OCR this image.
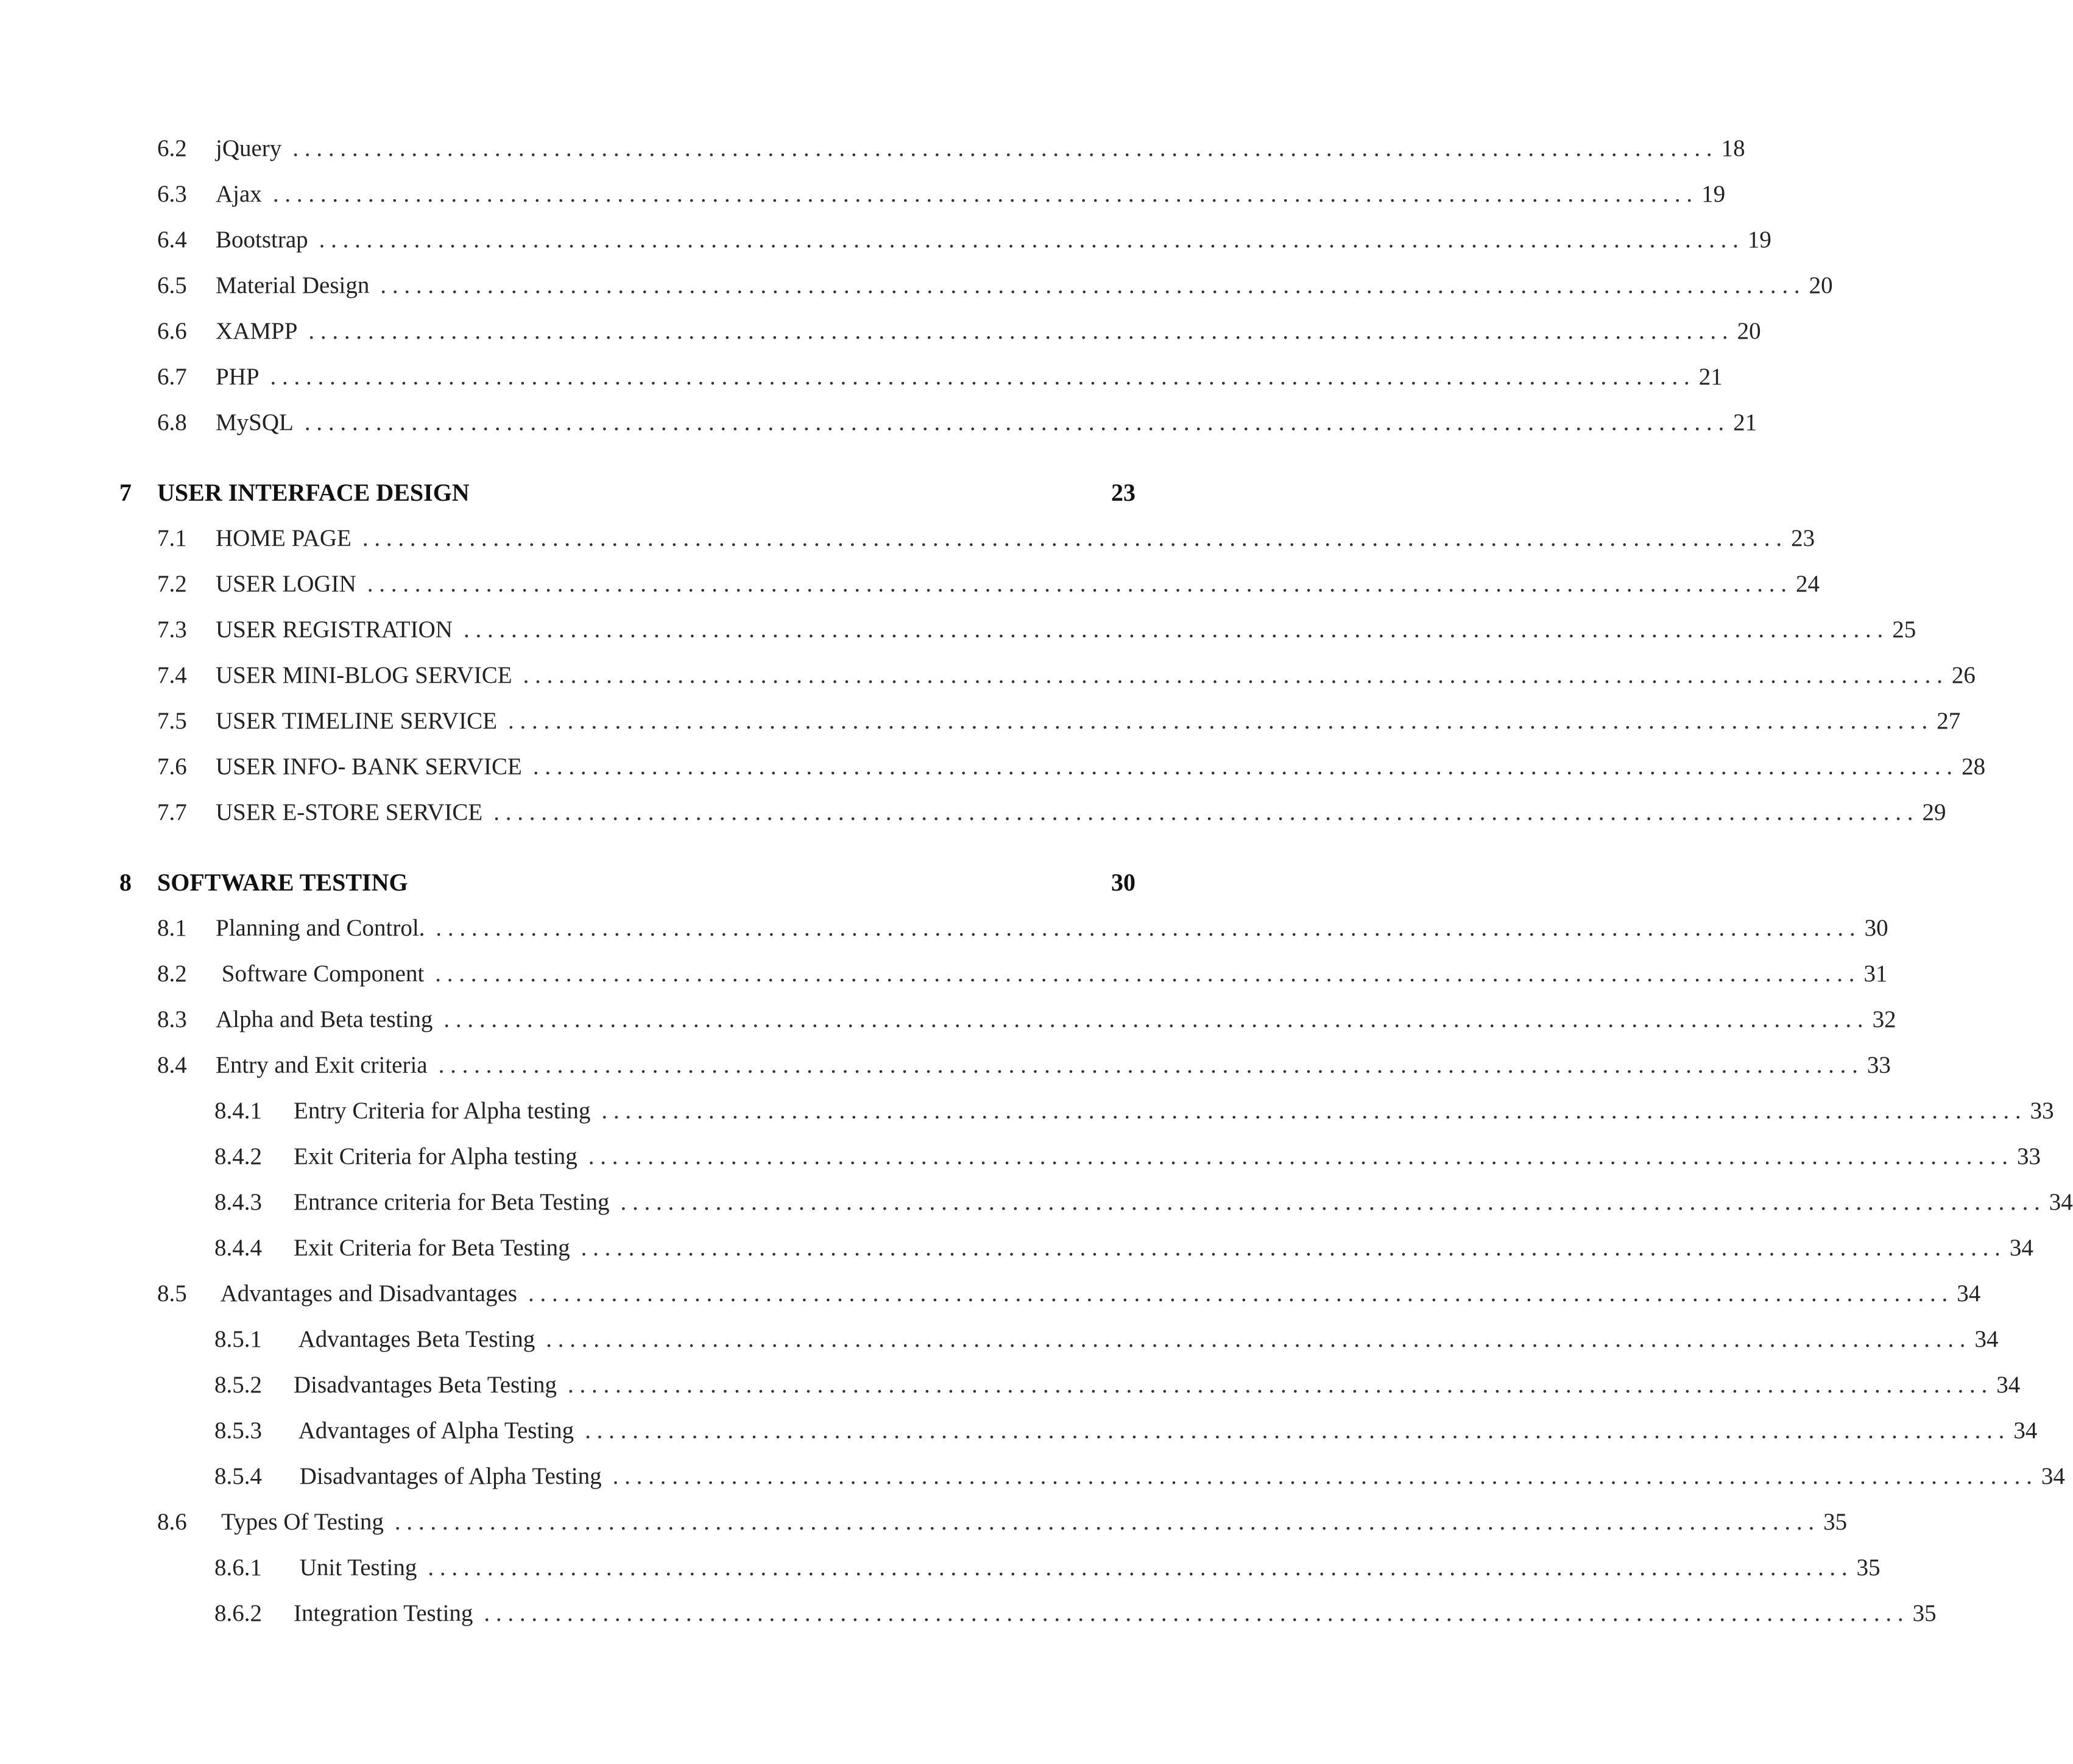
6.2	jQuery . . . . . . . . . . . . . . . . . . . . . . . . . . . . . . . . . . . . . . . . . . . . . . . . . . . . . . . . . . . . . . . . . . . . . . . . . . . . . . . . . . . . . . . . . . . . . . . . . . . . . . . . . . . . . . . . . . . . . . . . 18
6.3	Ajax . . . . . . . . . . . . . . . . . . . . . . . . . . . . . . . . . . . . . . . . . . . . . . . . . . . . . . . . . . . . . . . . . . . . . . . . . . . . . . . . . . . . . . . . . . . . . . . . . . . . . . . . . . . . . . . . . . . . . . . . 19
6.4	Bootstrap . . . . . . . . . . . . . . . . . . . . . . . . . . . . . . . . . . . . . . . . . . . . . . . . . . . . . . . . . . . . . . . . . . . . . . . . . . . . . . . . . . . . . . . . . . . . . . . . . . . . . . . . . . . . . . . . . . . . . . . . 19
6.5	Material Design . . . . . . . . . . . . . . . . . . . . . . . . . . . . . . . . . . . . . . . . . . . . . . . . . . . . . . . . . . . . . . . . . . . . . . . . . . . . . . . . . . . . . . . . . . . . . . . . . . . . . . . . . . . . . . . . . . . . . . . . 20
6.6	XAMPP . . . . . . . . . . . . . . . . . . . . . . . . . . . . . . . . . . . . . . . . . . . . . . . . . . . . . . . . . . . . . . . . . . . . . . . . . . . . . . . . . . . . . . . . . . . . . . . . . . . . . . . . . . . . . . . . . . . . . . . . 20
6.7	PHP . . . . . . . . . . . . . . . . . . . . . . . . . . . . . . . . . . . . . . . . . . . . . . . . . . . . . . . . . . . . . . . . . . . . . . . . . . . . . . . . . . . . . . . . . . . . . . . . . . . . . . . . . . . . . . . . . . . . . . . . 21
6.8	MySQL . . . . . . . . . . . . . . . . . . . . . . . . . . . . . . . . . . . . . . . . . . . . . . . . . . . . . . . . . . . . . . . . . . . . . . . . . . . . . . . . . . . . . . . . . . . . . . . . . . . . . . . . . . . . . . . . . . . . . . . . 21
7	USER INTERFACE DESIGN	23
7.1	HOME PAGE . . . . . . . . . . . . . . . . . . . . . . . . . . . . . . . . . . . . . . . . . . . . . . . . . . . . . . . . . . . . . . . . . . . . . . . . . . . . . . . . . . . . . . . . . . . . . . . . . . . . . . . . . . . . . . . . . . . . . . . . 23
7.2	USER LOGIN . . . . . . . . . . . . . . . . . . . . . . . . . . . . . . . . . . . . . . . . . . . . . . . . . . . . . . . . . . . . . . . . . . . . . . . . . . . . . . . . . . . . . . . . . . . . . . . . . . . . . . . . . . . . . . . . . . . . . . . . 24
7.3	USER REGISTRATION . . . . . . . . . . . . . . . . . . . . . . . . . . . . . . . . . . . . . . . . . . . . . . . . . . . . . . . . . . . . . . . . . . . . . . . . . . . . . . . . . . . . . . . . . . . . . . . . . . . . . . . . . . . . . . . . . . . . . . . . 25
7.4	USER MINI-BLOG SERVICE . . . . . . . . . . . . . . . . . . . . . . . . . . . . . . . . . . . . . . . . . . . . . . . . . . . . . . . . . . . . . . . . . . . . . . . . . . . . . . . . . . . . . . . . . . . . . . . . . . . . . . . . . . . . . . . . . . . . . . . . 26
7.5	USER TIMELINE SERVICE . . . . . . . . . . . . . . . . . . . . . . . . . . . . . . . . . . . . . . . . . . . . . . . . . . . . . . . . . . . . . . . . . . . . . . . . . . . . . . . . . . . . . . . . . . . . . . . . . . . . . . . . . . . . . . . . . . . . . . . . 27
7.6	USER INFO- BANK SERVICE . . . . . . . . . . . . . . . . . . . . . . . . . . . . . . . . . . . . . . . . . . . . . . . . . . . . . . . . . . . . . . . . . . . . . . . . . . . . . . . . . . . . . . . . . . . . . . . . . . . . . . . . . . . . . . . . . . . . . . . . 28
7.7	USER E-STORE SERVICE . . . . . . . . . . . . . . . . . . . . . . . . . . . . . . . . . . . . . . . . . . . . . . . . . . . . . . . . . . . . . . . . . . . . . . . . . . . . . . . . . . . . . . . . . . . . . . . . . . . . . . . . . . . . . . . . . . . . . . . . 29
8	SOFTWARE TESTING	30
8.1	Planning and Control. . . . . . . . . . . . . . . . . . . . . . . . . . . . . . . . . . . . . . . . . . . . . . . . . . . . . . . . . . . . . . . . . . . . . . . . . . . . . . . . . . . . . . . . . . . . . . . . . . . . . . . . . . . . . . . . . . . . . . . . . 30
8.2	Software Component . . . . . . . . . . . . . . . . . . . . . . . . . . . . . . . . . . . . . . . . . . . . . . . . . . . . . . . . . . . . . . . . . . . . . . . . . . . . . . . . . . . . . . . . . . . . . . . . . . . . . . . . . . . . . . . . . . . . . . . . 31
8.3	Alpha and Beta testing . . . . . . . . . . . . . . . . . . . . . . . . . . . . . . . . . . . . . . . . . . . . . . . . . . . . . . . . . . . . . . . . . . . . . . . . . . . . . . . . . . . . . . . . . . . . . . . . . . . . . . . . . . . . . . . . . . . . . . . . 32
8.4	Entry and Exit criteria . . . . . . . . . . . . . . . . . . . . . . . . . . . . . . . . . . . . . . . . . . . . . . . . . . . . . . . . . . . . . . . . . . . . . . . . . . . . . . . . . . . . . . . . . . . . . . . . . . . . . . . . . . . . . . . . . . . . . . . . 33
8.4.1	Entry Criteria for Alpha testing . . . . . . . . . . . . . . . . . . . . . . . . . . . . . . . . . . . . . . . . . . . . . . . . . . . . . . . . . . . . . . . . . . . . . . . . . . . . . . . . . . . . . . . . . . . . . . . . . . . . . . . . . . . . . . . . . . . . . . . . 33
8.4.2	Exit Criteria for Alpha testing . . . . . . . . . . . . . . . . . . . . . . . . . . . . . . . . . . . . . . . . . . . . . . . . . . . . . . . . . . . . . . . . . . . . . . . . . . . . . . . . . . . . . . . . . . . . . . . . . . . . . . . . . . . . . . . . . . . . . . . . 33
8.4.3	Entrance criteria for Beta Testing . . . . . . . . . . . . . . . . . . . . . . . . . . . . . . . . . . . . . . . . . . . . . . . . . . . . . . . . . . . . . . . . . . . . . . . . . . . . . . . . . . . . . . . . . . . . . . . . . . . . . . . . . . . . . . . . . . . . . . . . 34
8.4.4	Exit Criteria for Beta Testing . . . . . . . . . . . . . . . . . . . . . . . . . . . . . . . . . . . . . . . . . . . . . . . . . . . . . . . . . . . . . . . . . . . . . . . . . . . . . . . . . . . . . . . . . . . . . . . . . . . . . . . . . . . . . . . . . . . . . . . . 34
8.5	Advantages and Disadvantages . . . . . . . . . . . . . . . . . . . . . . . . . . . . . . . . . . . . . . . . . . . . . . . . . . . . . . . . . . . . . . . . . . . . . . . . . . . . . . . . . . . . . . . . . . . . . . . . . . . . . . . . . . . . . . . . . . . . . . . . 34
8.5.1	Advantages Beta Testing . . . . . . . . . . . . . . . . . . . . . . . . . . . . . . . . . . . . . . . . . . . . . . . . . . . . . . . . . . . . . . . . . . . . . . . . . . . . . . . . . . . . . . . . . . . . . . . . . . . . . . . . . . . . . . . . . . . . . . . . 34
8.5.2	Disadvantages Beta Testing . . . . . . . . . . . . . . . . . . . . . . . . . . . . . . . . . . . . . . . . . . . . . . . . . . . . . . . . . . . . . . . . . . . . . . . . . . . . . . . . . . . . . . . . . . . . . . . . . . . . . . . . . . . . . . . . . . . . . . . . 34
8.5.3	Advantages of Alpha Testing . . . . . . . . . . . . . . . . . . . . . . . . . . . . . . . . . . . . . . . . . . . . . . . . . . . . . . . . . . . . . . . . . . . . . . . . . . . . . . . . . . . . . . . . . . . . . . . . . . . . . . . . . . . . . . . . . . . . . . . . 34
8.5.4	Disadvantages of Alpha Testing . . . . . . . . . . . . . . . . . . . . . . . . . . . . . . . . . . . . . . . . . . . . . . . . . . . . . . . . . . . . . . . . . . . . . . . . . . . . . . . . . . . . . . . . . . . . . . . . . . . . . . . . . . . . . . . . . . . . . . . . 34
8.6	Types Of Testing . . . . . . . . . . . . . . . . . . . . . . . . . . . . . . . . . . . . . . . . . . . . . . . . . . . . . . . . . . . . . . . . . . . . . . . . . . . . . . . . . . . . . . . . . . . . . . . . . . . . . . . . . . . . . . . . . . . . . . . . 35
8.6.1	Unit Testing . . . . . . . . . . . . . . . . . . . . . . . . . . . . . . . . . . . . . . . . . . . . . . . . . . . . . . . . . . . . . . . . . . . . . . . . . . . . . . . . . . . . . . . . . . . . . . . . . . . . . . . . . . . . . . . . . . . . . . . . 35
8.6.2	Integration Testing . . . . . . . . . . . . . . . . . . . . . . . . . . . . . . . . . . . . . . . . . . . . . . . . . . . . . . . . . . . . . . . . . . . . . . . . . . . . . . . . . . . . . . . . . . . . . . . . . . . . . . . . . . . . . . . . . . . . . . . . 35
